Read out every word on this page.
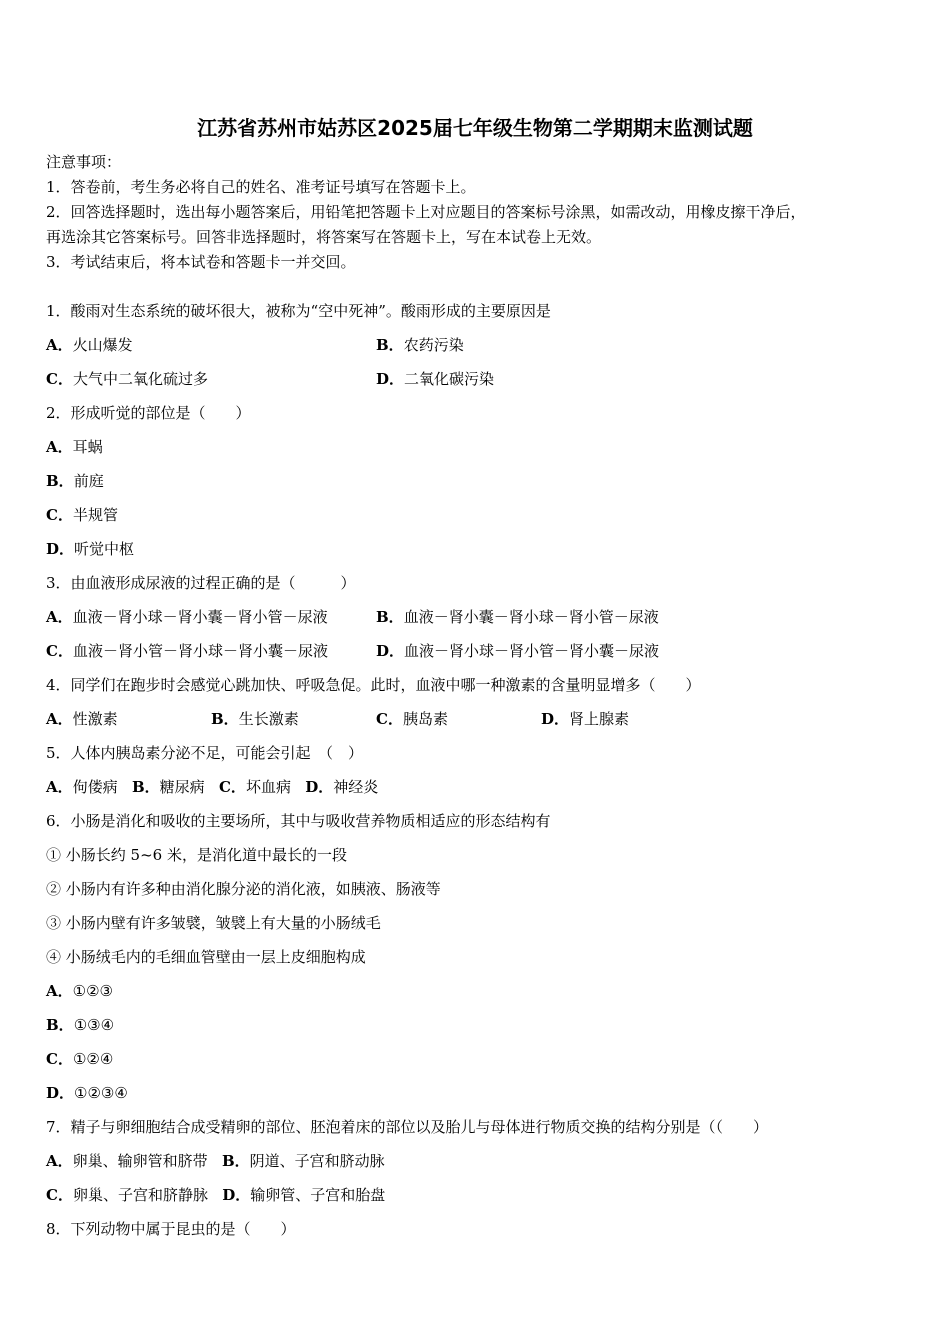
江苏省苏州市姑苏区2025届七年级生物第二学期期末监测试题
注意事项：
1．答卷前，考生务必将自己的姓名、准考证号填写在答题卡上。
2．回答选择题时，选出每小题答案后，用铅笔把答题卡上对应题目的答案标号涂黑，如需改动，用橡皮擦干净后，
再选涂其它答案标号。回答非选择题时，将答案写在答题卡上，写在本试卷上无效。
3．考试结束后，将本试卷和答题卡一并交回。
1．酸雨对生态系统的破坏很大，被称为“空中死神”。酸雨形成的主要原因是
A．火山爆发	B．农药污染
C．大气中二氧化硫过多	D．二氧化碳污染
2．形成听觉的部位是（　　）
A．耳蜗
B．前庭
C．半规管
D．听觉中枢
3．由血液形成尿液的过程正确的是（　　　）
A．血液－肾小球－肾小囊－肾小管－尿液	B．血液－肾小囊－肾小球－肾小管－尿液
C．血液－肾小管－肾小球－肾小囊－尿液	D．血液－肾小球－肾小管－肾小囊－尿液
4．同学们在跑步时会感觉心跳加快、呼吸急促。此时，血液中哪一种激素的含量明显增多（　　）
A．性激素	B．生长激素	C．胰岛素	D．肾上腺素
5．人体内胰岛素分泌不足，可能会引起　（　）
A．佝偻病 B．糖尿病 C．坏血病 D．神经炎
6．小肠是消化和吸收的主要场所，其中与吸收营养物质相适应的形态结构有
① 小肠长约 5~6 米，是消化道中最长的一段
② 小肠内有许多种由消化腺分泌的消化液，如胰液、肠液等
③ 小肠内壁有许多皱襞，皱襞上有大量的小肠绒毛
④ 小肠绒毛内的毛细血管壁由一层上皮细胞构成
A．①②③
B．①③④
C．①②④
D．①②③④
7．精子与卵细胞结合成受精卵的部位、胚泡着床的部位以及胎儿与母体进行物质交换的结构分别是（（　　）
A．卵巢、输卵管和脐带 B．阴道、子宫和脐动脉
C．卵巢、子宫和脐静脉 D．输卵管、子宫和胎盘
8．下列动物中属于昆虫的是（　　）
